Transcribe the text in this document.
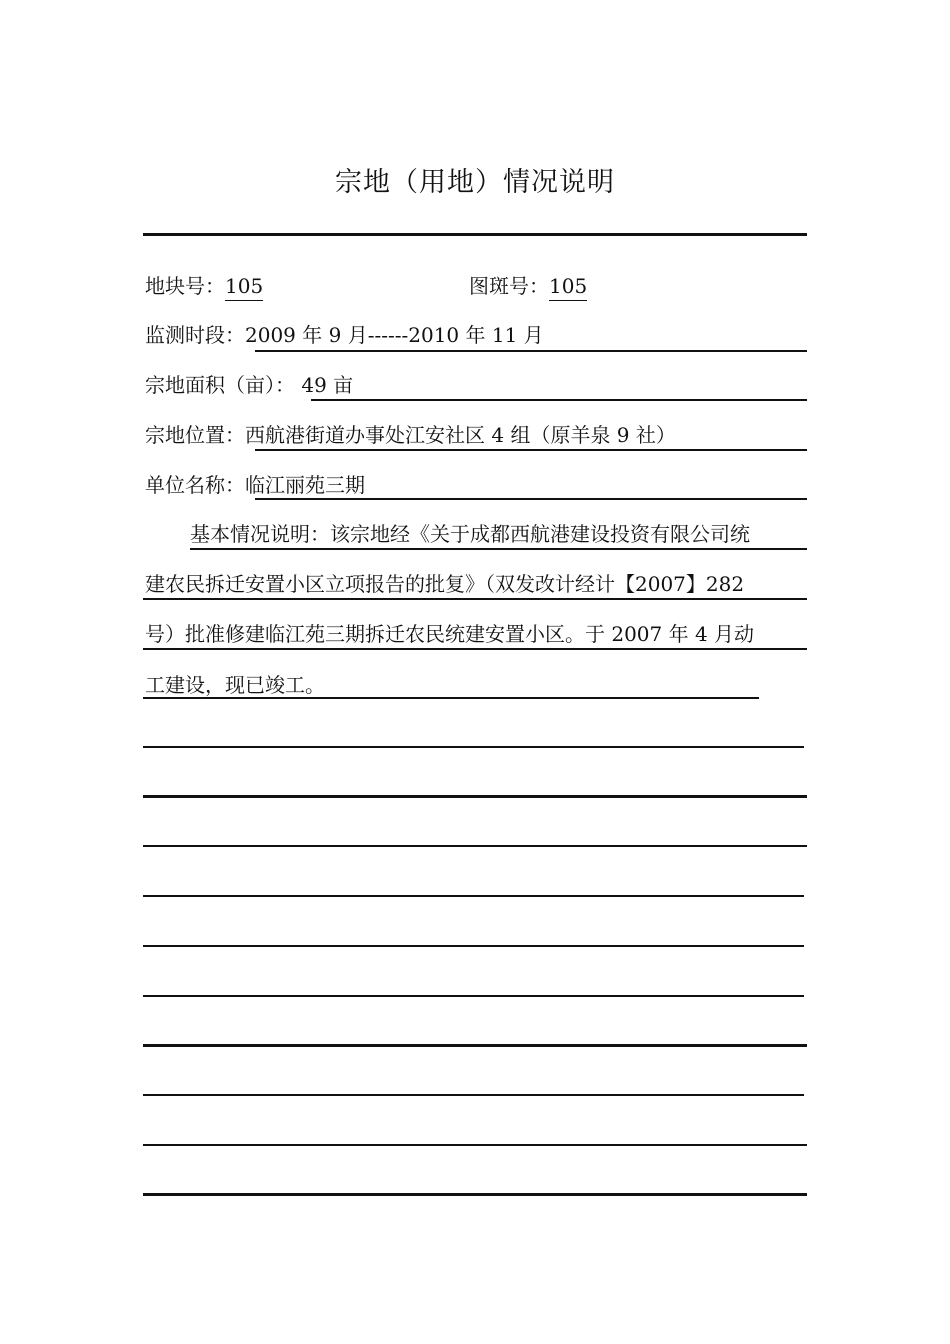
宗地（用地）情况说明
地块号：105	图斑号：105
监测时段：2009 年 9 月------2010 年 11 月
宗地面积（亩）： 49 亩
宗地位置：西航港街道办事处江安社区 4 组（原羊泉 9 社）
单位名称：临江丽苑三期
基本情况说明：该宗地经《关于成都西航港建设投资有限公司统
建农民拆迁安置小区立项报告的批复》（双发改计经计【2007】282
号）批准修建临江苑三期拆迁农民统建安置小区。于 2007 年 4 月动
工建设，现已竣工。
